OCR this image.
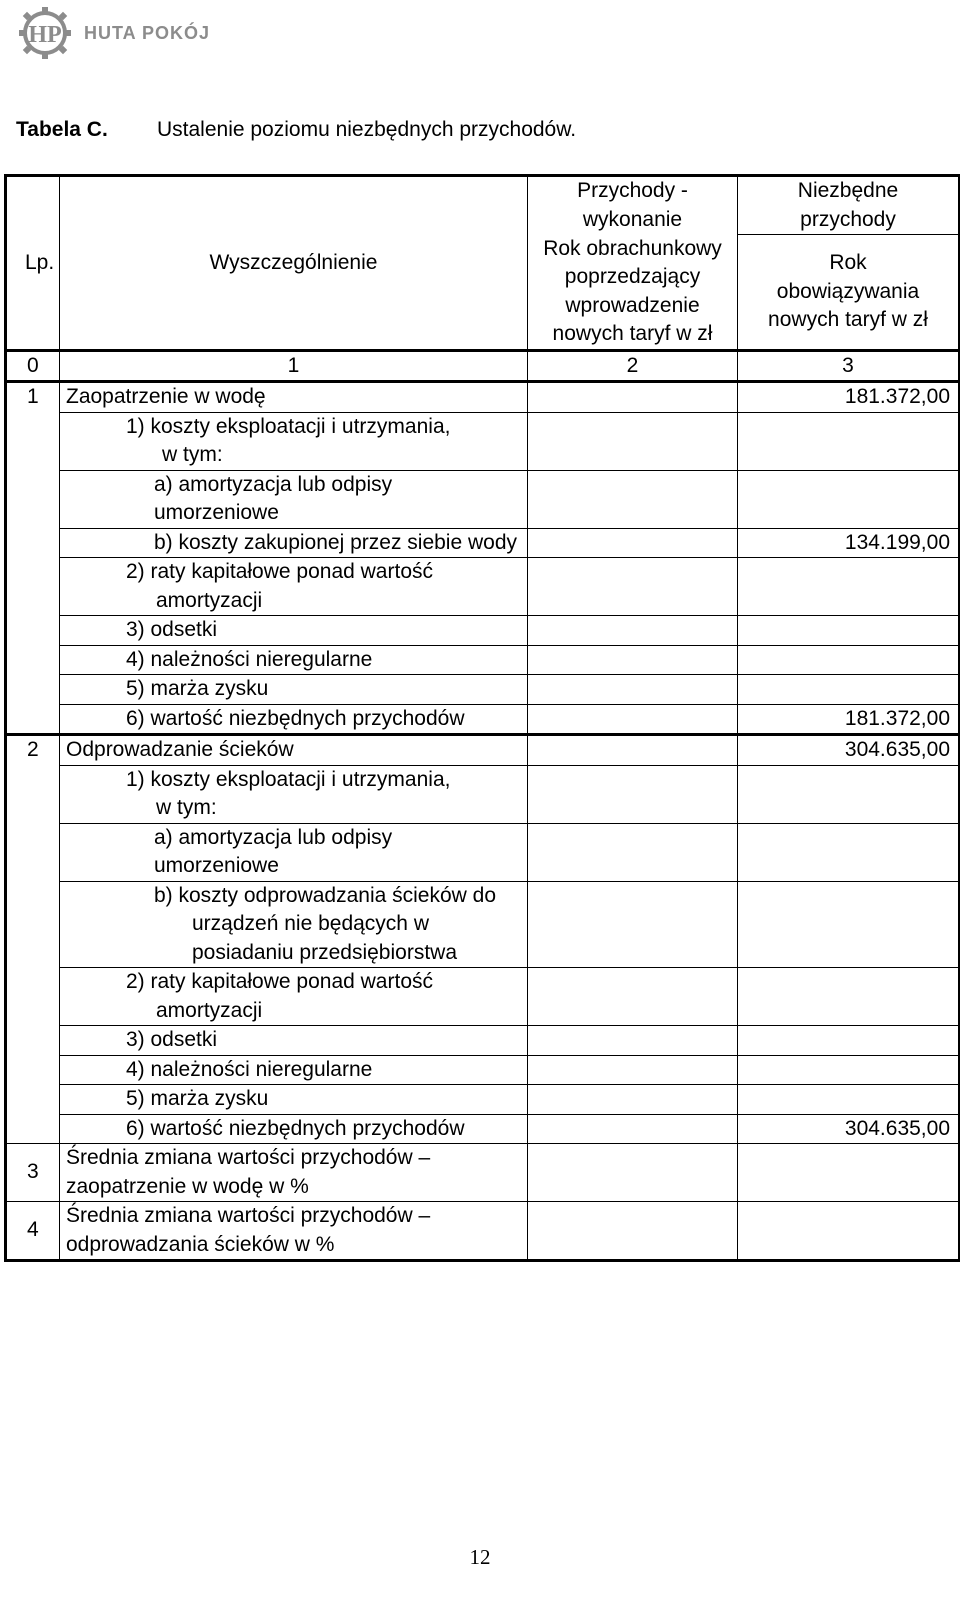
HP HUTA POKÓJ
Tabela C. Ustalenie poziomu niezbędnych przychodów.
Lp.	Wyszczególnienie	Przychody - wykonanie	Niezbędne przychody
		Rok obrachunkowy poprzedzający wprowadzenie nowych taryf w zł	Rok obowiązywania nowych taryf w zł
0	1	2	3
1	Zaopatrzenie w wodę		181.372,00
	1) koszty eksploatacji i utrzymania,
w tym:		
	a) amortyzacja lub odpisy umorzeniowe		
	b) koszty zakupionej przez siebie wody		134.199,00
	2) raty kapitałowe ponad wartość
amortyzacji		
	3) odsetki		
	4) należności nieregularne		
	5) marża zysku		
	6) wartość niezbędnych przychodów		181.372,00
2	Odprowadzanie ścieków		304.635,00
	1) koszty eksploatacji i utrzymania,
w tym:		
	a) amortyzacja lub odpisy umorzeniowe		
	b) koszty odprowadzania ścieków do
urządzeń nie będących w
posiadaniu przedsiębiorstwa		
	2) raty kapitałowe ponad wartość
amortyzacji		
	3) odsetki		
	4) należności nieregularne		
	5) marża zysku		
	6) wartość niezbędnych przychodów		304.635,00
3	Średnia zmiana wartości przychodów –
zaopatrzenie w wodę w %		
4	Średnia zmiana wartości przychodów –
odprowadzania ścieków w %		
12
